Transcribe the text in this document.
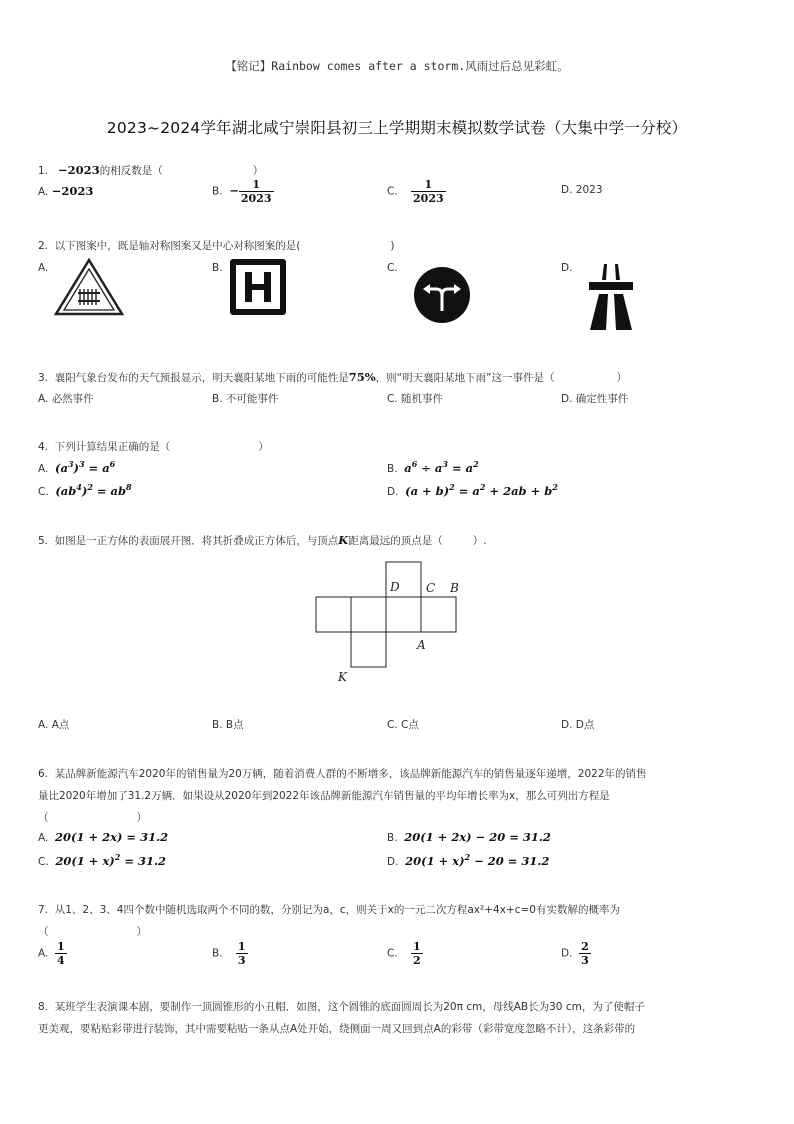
【铭记】Rainbow comes after a storm.风雨过后总见彩虹。
2023~2024学年湖北咸宁崇阳县初三上学期期末模拟数学试卷（大集中学一分校）
1. −2023的相反数是（	）
A. −2023	B. − $\frac{1}{2023}$	C. $\frac{1}{2023}$	D. 2023
2. 以下图案中，既是轴对称图案又是中心对称图案的是(	)
A.	B.	C.	D.
3. 襄阳气象台发布的天气预报显示，明天襄阳某地下雨的可能性是75%，则“明天襄阳某地下雨”这一事件是（	）
A. 必然事件	B. 不可能事件	C. 随机事件	D. 确定性事件
4. 下列计算结果正确的是（	）
A. $(a^3)^3 = a^6$	B. $a^6 \div a^3 = a^2$
C. $(ab^4)^2 = ab^8$	D. $(a + b)^2 = a^2 + 2ab + b^2$
5. 如图是一正方体的表面展开图．将其折叠成正方体后，与顶点K距离最远的顶点是（	）.
D C B
A
K
A. A点	B. B点	C. C点	D. D点
6. 某品牌新能源汽车2020年的销售量为20万辆，随着消费人群的不断增多，该品牌新能源汽车的销售量逐年递增，2022年的销售
量比2020年增加了31.2万辆．如果设从2020年到2022年该品牌新能源汽车销售量的平均年增长率为x，那么可列出方程是
（	）
A. 20(1 + 2x) = 31.2	B. 20(1 + 2x) − 20 = 31.2
C. $20(1 + x)^2 = 31.2$	D. $20(1 + x)^2 - 20 = 31.2$
7. 从1、2、3、4四个数中随机选取两个不同的数，分别记为a，c，则关于x的一元二次方程ax²+4x+c=0有实数解的概率为
（	）
A. $\frac{1}{4}$	B. $\frac{1}{3}$	C. $\frac{1}{2}$	D. $\frac{2}{3}$
8. 某班学生表演课本剧，要制作一顶圆锥形的小丑帽．如图，这个圆锥的底面圆周长为20π cm，母线AB长为30 cm，为了使帽子
更美观，要粘贴彩带进行装饰，其中需要粘贴一条从点A处开始，绕侧面一周又回到点A的彩带（彩带宽度忽略不计），这条彩带的
